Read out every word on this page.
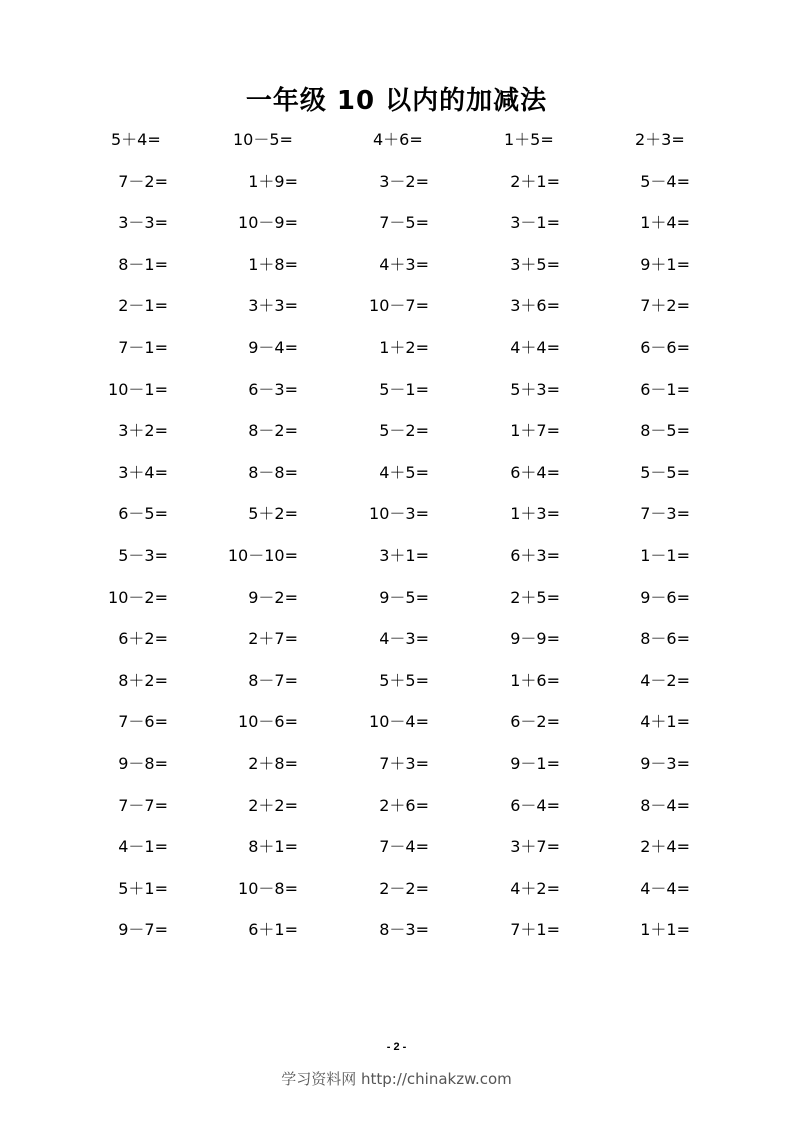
一年级 10 以内的加减法
5＋4=	10－5=	4＋6=	1＋5=	2＋3=
7－2=	1＋9=	3－2=	2＋1=	5－4=
3－3=	10－9=	7－5=	3－1=	1＋4=
8－1=	1＋8=	4＋3=	3＋5=	9＋1=
2－1=	3＋3=	10－7=	3＋6=	7＋2=
7－1=	9－4=	1＋2=	4＋4=	6－6=
10－1=	6－3=	5－1=	5＋3=	6－1=
3＋2=	8－2=	5－2=	1＋7=	8－5=
3＋4=	8－8=	4＋5=	6＋4=	5－5=
6－5=	5＋2=	10－3=	1＋3=	7－3=
5－3=	10－10=	3＋1=	6＋3=	1－1=
10－2=	9－2=	9－5=	2＋5=	9－6=
6＋2=	2＋7=	4－3=	9－9=	8－6=
8＋2=	8－7=	5＋5=	1＋6=	4－2=
7－6=	10－6=	10－4=	6－2=	4＋1=
9－8=	2＋8=	7＋3=	9－1=	9－3=
7－7=	2＋2=	2＋6=	6－4=	8－4=
4－1=	8＋1=	7－4=	3＋7=	2＋4=
5＋1=	10－8=	2－2=	4＋2=	4－4=
9－7=	6＋1=	8－3=	7＋1=	1＋1=
- 2 -
学习资料网 http://chinakzw.com
